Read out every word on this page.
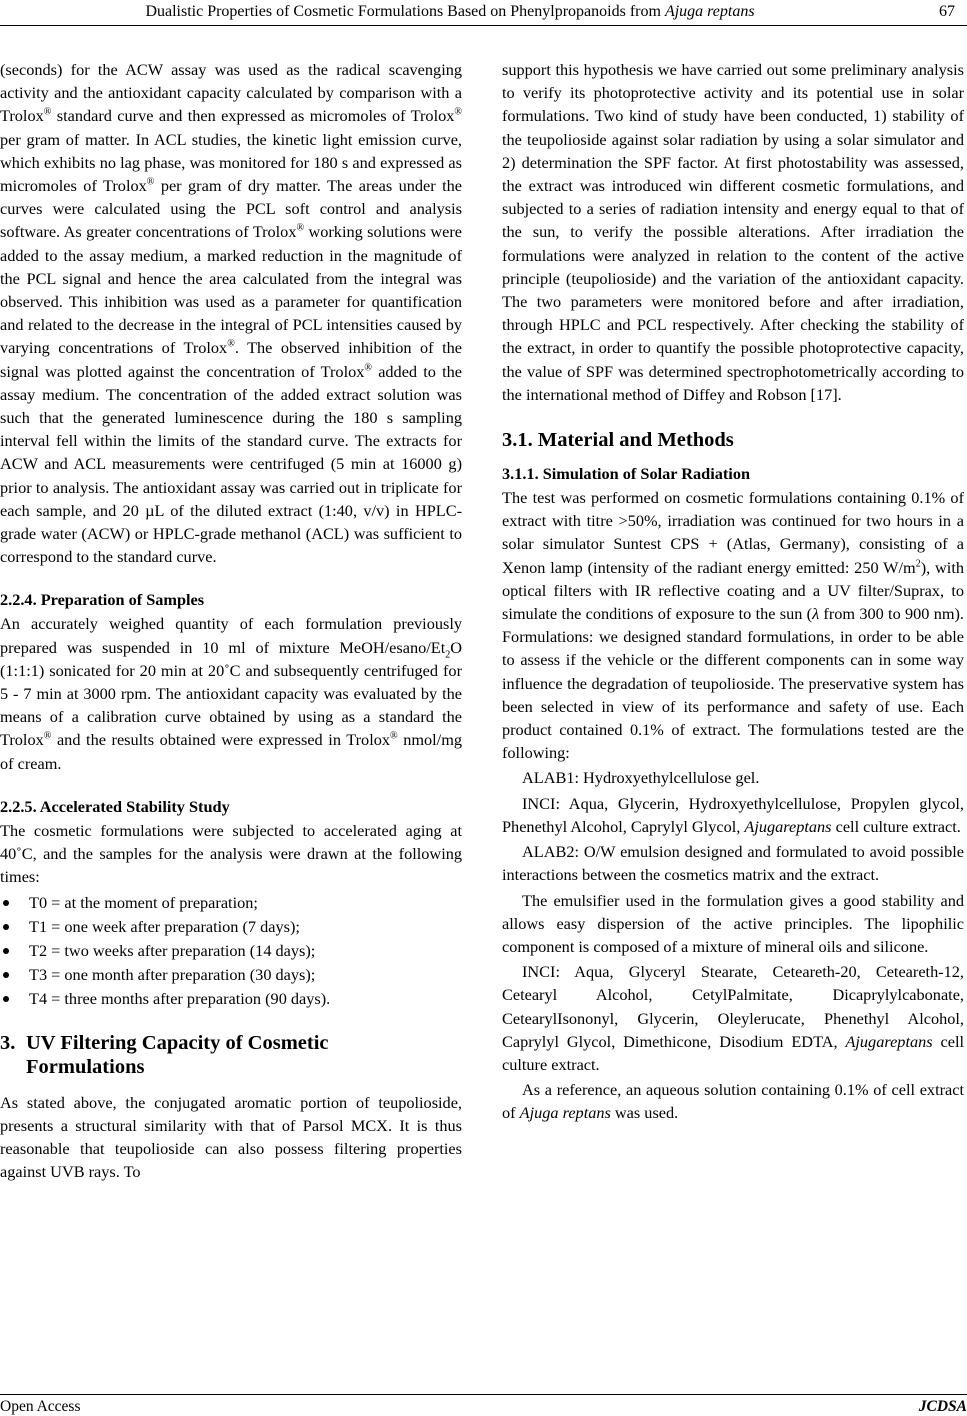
Dualistic Properties of Cosmetic Formulations Based on Phenylpropanoids from Ajuga reptans	67

(seconds) for the ACW assay was used as the radical scavenging activity and the antioxidant capacity calculated by comparison with a Trolox® standard curve and then expressed as micromoles of Trolox® per gram of matter. In ACL studies, the kinetic light emission curve, which exhibits no lag phase, was monitored for 180 s and expressed as micromoles of Trolox® per gram of dry matter. The areas under the curves were calculated using the PCL soft control and analysis software. As greater concentrations of Trolox® working solutions were added to the assay medium, a marked reduction in the magnitude of the PCL signal and hence the area calculated from the integral was observed. This inhibition was used as a parameter for quantification and related to the decrease in the integral of PCL intensities caused by varying concentrations of Trolox®. The observed inhibition of the signal was plotted against the concentration of Trolox® added to the assay medium. The concentration of the added extract solution was such that the generated luminescence during the 180 s sampling interval fell within the limits of the standard curve. The extracts for ACW and ACL measurements were centrifuged (5 min at 16000 g) prior to analysis. The antioxidant assay was carried out in triplicate for each sample, and 20 µL of the diluted extract (1:40, v/v) in HPLC-grade water (ACW) or HPLC-grade methanol (ACL) was sufficient to correspond to the standard curve.

2.2.4. Preparation of Samples

An accurately weighed quantity of each formulation previously prepared was suspended in 10 ml of mixture MeOH/$esano/Et_2O$ (1:1:1) sonicated for 20 min at 20˚C and subsequently centrifuged for 5 - 7 min at 3000 rpm. The antioxidant capacity was evaluated by the means of a calibration curve obtained by using as a standard the Trolox® and the results obtained were expressed in Trolox® nmol/mg of cream.

2.2.5. Accelerated Stability Study

The cosmetic formulations were subjected to accelerated aging at 40˚C, and the samples for the analysis were drawn at the following times:

T0 = at the moment of preparation;
T1 = one week after preparation (7 days);
T2 = two weeks after preparation (14 days);
T3 = one month after preparation (30 days);
T4 = three months after preparation (90 days).
3. UV Filtering Capacity of Cosmetic
Formulations

As stated above, the conjugated aromatic portion of teupolioside, presents a structural similarity with that of Parsol MCX. It is thus reasonable that teupolioside can also possess filtering properties against UVB rays. To

support this hypothesis we have carried out some preliminary analysis to verify its photoprotective activity and its potential use in solar formulations. Two kind of study have been conducted, 1) stability of the teupolioside against solar radiation by using a solar simulator and 2) determination the SPF factor. At first photostability was assessed, the extract was introduced win different cosmetic formulations, and subjected to a series of radiation intensity and energy equal to that of the sun, to verify the possible alterations. After irradiation the formulations were analyzed in relation to the content of the active principle (teupolioside) and the variation of the antioxidant capacity. The two parameters were monitored before and after irradiation, through HPLC and PCL respectively. After checking the stability of the extract, in order to quantify the possible photoprotective capacity, the value of SPF was determined spectrophotometrically according to the international method of Diffey and Robson [17].

3.1. Material and Methods
3.1.1. Simulation of Solar Radiation

The test was performed on cosmetic formulations containing 0.1% of extract with titre >50%, irradiation was continued for two hours in a solar simulator Suntest CPS + (Atlas, Germany), consisting of a Xenon lamp (intensity of the radiant energy emitted: 250 $W/m^2$), with optical filters with IR reflective coating and a UV filter/Suprax, to simulate the conditions of exposure to the sun (λ from 300 to 900 nm). Formulations: we designed standard formulations, in order to be able to assess if the vehicle or the different components can in some way influence the degradation of teupolioside. The preservative system has been selected in view of its performance and safety of use. Each product contained 0.1% of extract. The formulations tested are the following:

ALAB1: Hydroxyethylcellulose gel.

INCI: Aqua, Glycerin, Hydroxyethylcellulose, Propylen glycol, Phenethyl Alcohol, Caprylyl Glycol, Ajugareptans cell culture extract.

ALAB2: O/W emulsion designed and formulated to avoid possible interactions between the cosmetics matrix and the extract.

The emulsifier used in the formulation gives a good stability and allows easy dispersion of the active principles. The lipophilic component is composed of a mixture of mineral oils and silicone.

INCI: Aqua, Glyceryl Stearate, Ceteareth-20, Ceteareth-12, Cetearyl Alcohol, CetylPalmitate, Dicaprylylcabonate, CetearylIsononyl, Glycerin, Oleylerucate, Phenethyl Alcohol, Caprylyl Glycol, Dimethicone, Disodium EDTA, Ajugareptans cell culture extract.

As a reference, an aqueous solution containing 0.1% of cell extract of Ajuga reptans was used.

Open Access	JCDSA
